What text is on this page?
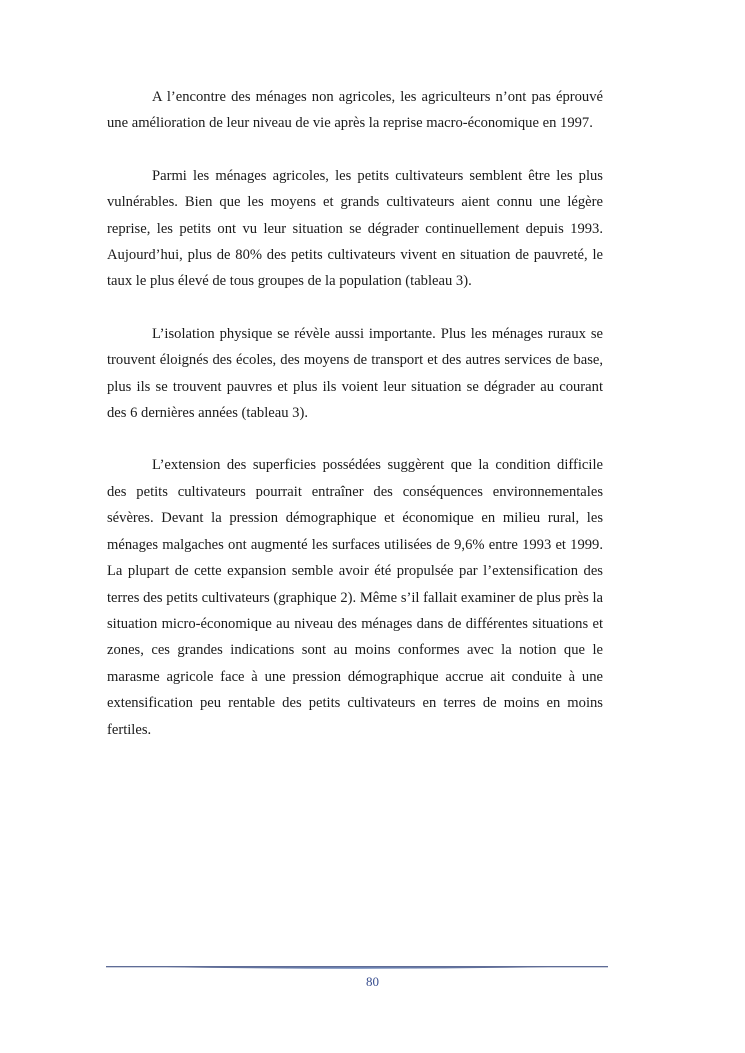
A l’encontre des ménages non agricoles, les agriculteurs n’ont pas éprouvé une amélioration de leur niveau de vie après la reprise macro-économique en 1997.

Parmi les ménages agricoles, les petits cultivateurs semblent être les plus vulnérables. Bien que les moyens et grands cultivateurs aient connu une légère reprise, les petits ont vu leur situation se dégrader continuellement depuis 1993. Aujourd’hui, plus de 80% des petits cultivateurs vivent en situation de pauvreté, le taux le plus élevé de tous groupes de la population (tableau 3).

L’isolation physique se révèle aussi importante. Plus les ménages ruraux se trouvent éloignés des écoles, des moyens de transport et des autres services de base, plus ils se trouvent pauvres et plus ils voient leur situation se dégrader au courant des 6 dernières années (tableau 3).

L’extension des superficies possédées suggèrent que la condition difficile des petits cultivateurs pourrait entraîner des conséquences environnementales sévères. Devant la pression démographique et économique en milieu rural, les ménages malgaches ont augmenté les surfaces utilisées de 9,6% entre 1993 et 1999. La plupart de cette expansion semble avoir été propulsée par l’extensification des terres des petits cultivateurs (graphique 2). Même s’il fallait examiner de plus près la situation micro-économique au niveau des ménages dans de différentes situations et zones, ces grandes indications sont au moins conformes avec la notion que le marasme agricole face à une pression démographique accrue ait conduite à une extensification peu rentable des petits cultivateurs en terres de moins en moins fertiles.

80
